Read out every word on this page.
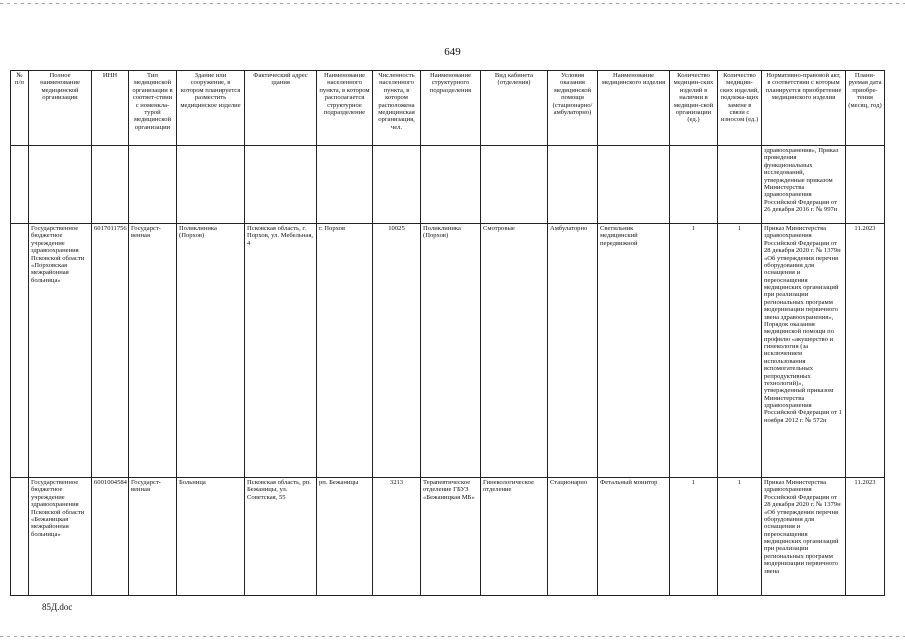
649
№ п/п	Полное наименование медицинской организации	ИНН	Тип медицинской организации в соответ-ствии с номенкла-турой медицинской организации	Здание или сооружение, в котором планируется разместить медицинское изделие	Фактический адрес здания	Наименование населенного пункта, в котором располагается структурное подразделение	Численность населенного пункта, в котором расположена медицинская организация, чел.	Наименование структурного подразделения	Вид кабинета (отделения)	Условия оказания медицинской помощи (стационарно/ амбулаторно)	Наименование медицинского изделия	Количество медицин-ских изделий в наличии в медицин-ской организации (ед.)	Количество медицин-ских изделий, подлежа-щих замене в связи с износом (ед.)	Нормативно-правовой акт, в соответствии с которым планируется приобретение медицинского изделия	Плани-руемая дата приобре-тения (месяц, год)
														здравоохранения», Приказ проведения функциональных исследований, утвержденные приказом Министерства здравоохранения Российской Федерации от 26 декабря 2016 г. № 997н	
	Государственное бюджетное учреждение здравоохранения Псковской области «Порховская межрайонная больница»	6017011756	Государст-венная	Поликлиника (Порхов)	Псковская область, г. Порхов, ул. Мебельная, 4	г. Порхов	10025	Поликлиника (Порхов)	Смотровые	Амбулаторно	Светильник медицинский передвижной	1	1	Приказ Министерства здравоохранения Российской Федерации от 28 декабря 2020 г. № 1379н «Об утверждении перечня оборудования для оснащения и переоснащения медицинских организаций при реализации региональных программ модернизации первичного звена здравоохранения», Порядок оказания медицинской помощи по профилю «акушерство и гинекология (за исключением использования вспомогательных репродуктивных технологий)», утвержденный приказом Министерства здравоохранения Российской Федерации от 1 ноября 2012 г. № 572н	11.2023
	Государственное бюджетное учреждение здравоохранения Псковской области «Бежаницкая межрайонная больница»	6001004584	Государст-венная	Больница	Псковская область, рп. Бежаницы, ул. Советская, 55	рп. Бежаницы	3213	Терапевтическое отделение ГБУЗ «Бежаницкая МБ»	Гинекологическое отделение	Стационарно	Фетальный монитор	1	1	Приказ Министерства здравоохранения Российской Федерации от 28 декабря 2020 г. № 1379н «Об утверждении перечня оборудования для оснащения и переоснащения медицинских организаций при реализации региональных программ модернизации первичного звена	11.2023
85Д.doc
